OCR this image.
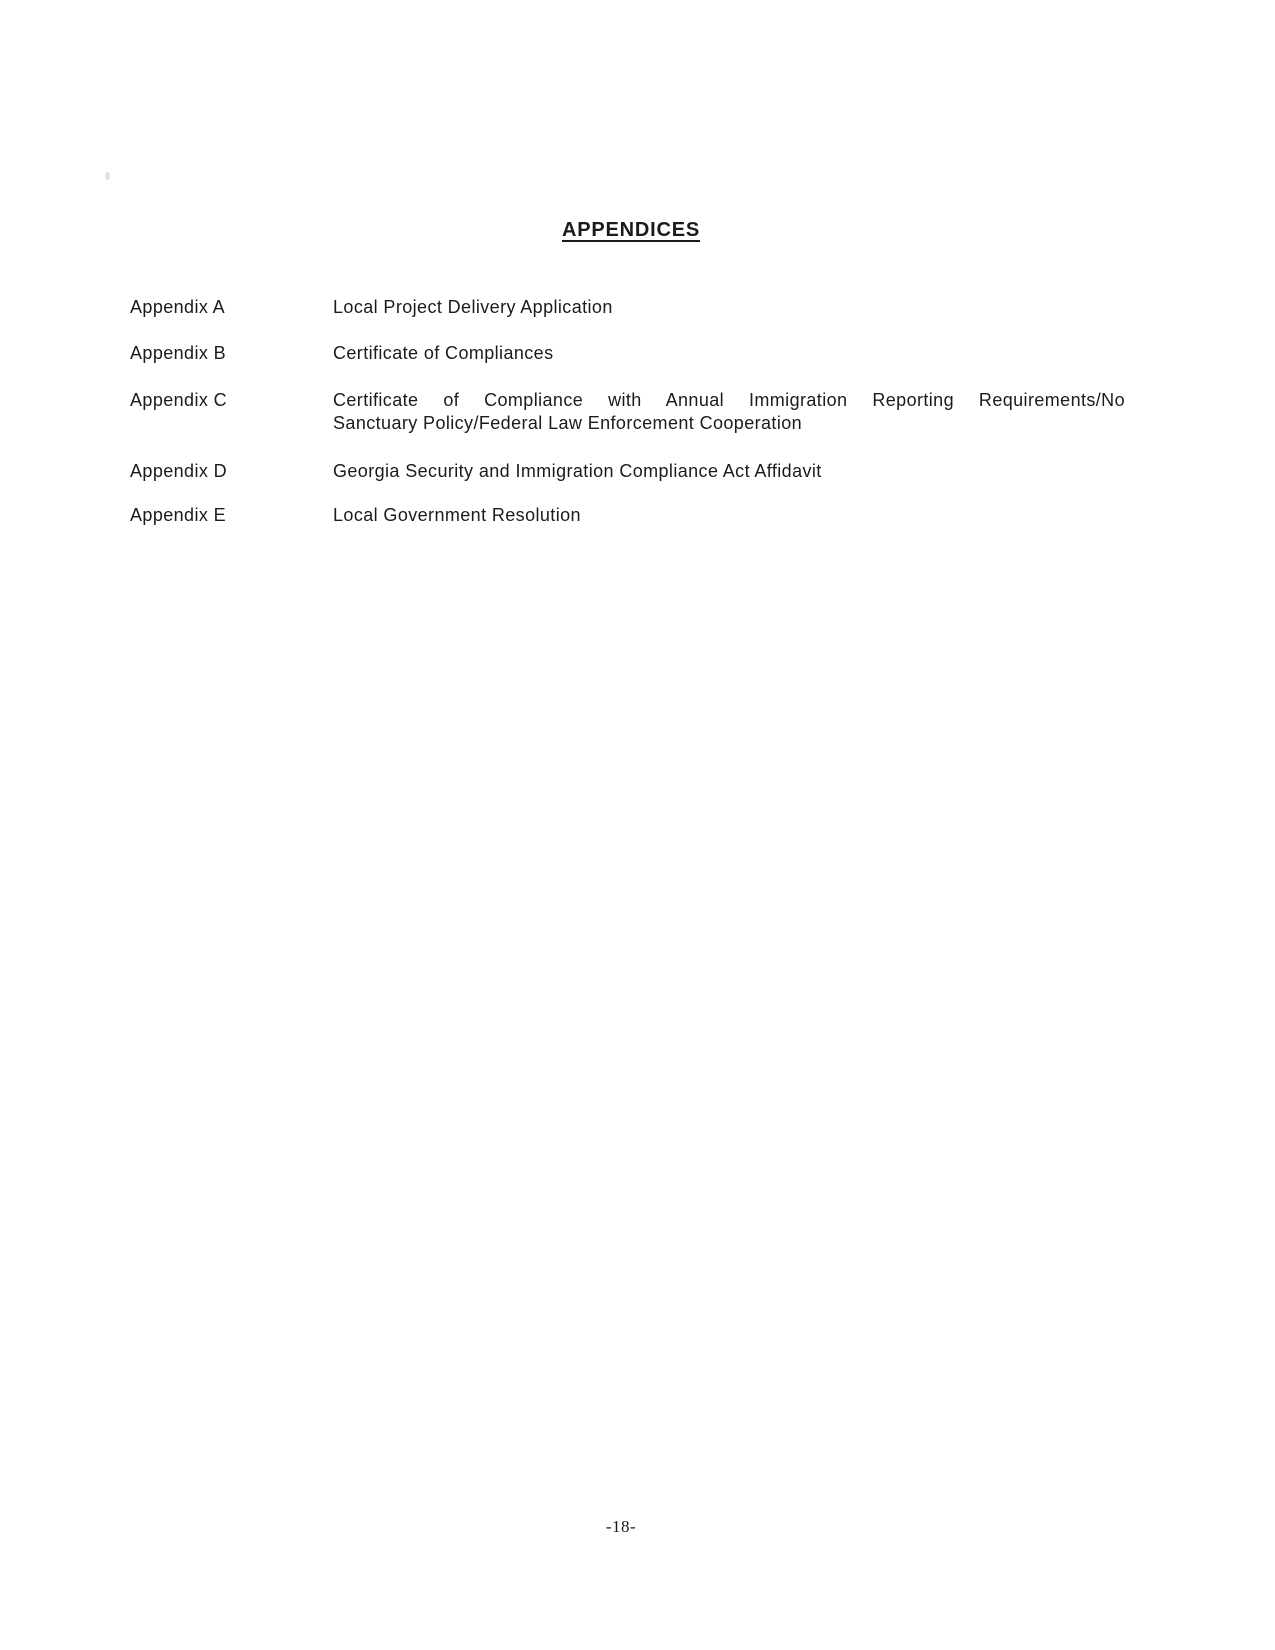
APPENDICES
Appendix A	Local Project Delivery Application
Appendix B	Certificate of Compliances
Appendix C	Certificate of Compliance with Annual Immigration Reporting Requirements/No
Sanctuary Policy/Federal Law Enforcement Cooperation
Appendix D	Georgia Security and Immigration Compliance Act Affidavit
Appendix E	Local Government Resolution
-18-
